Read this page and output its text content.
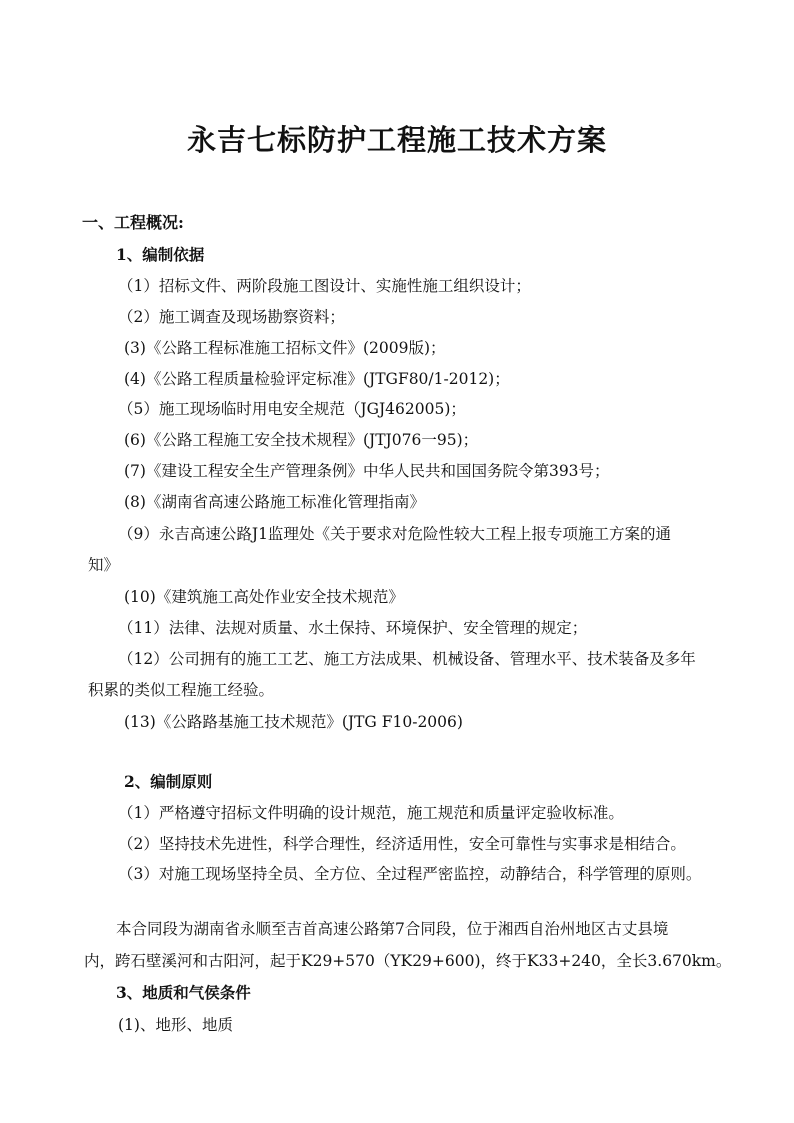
永吉七标防护工程施工技术方案
一、工程概况:
1、编制依据
（1）招标文件、两阶段施工图设计、实施性施工组织设计；
（2）施工调查及现场勘察资料；
(3)《公路工程标准施工招标文件》(2009版)；
(4)《公路工程质量检验评定标准》(JTGF80/1-2012)；
（5）施工现场临时用电安全规范（JGJ462005)；
(6)《公路工程施工安全技术规程》(JTJ076一95)；
(7)《建设工程安全生产管理条例》中华人民共和国国务院令第393号；
(8)《湖南省高速公路施工标准化管理指南》
（9）永吉高速公路J1监理处《关于要求对危险性较大工程上报专项施工方案的通
知》
(10)《建筑施工高处作业安全技术规范》
（11）法律、法规对质量、水土保持、环境保护、安全管理的规定；
（12）公司拥有的施工工艺、施工方法成果、机械设备、管理水平、技术装备及多年
积累的类似工程施工经验。
(13)《公路路基施工技术规范》(JTG F10-2006)
2、编制原则
（1）严格遵守招标文件明确的设计规范，施工规范和质量评定验收标准。
（2）坚持技术先进性，科学合理性，经济适用性，安全可靠性与实事求是相结合。
（3）对施工现场坚持全员、全方位、全过程严密监控，动静结合，科学管理的原则。
本合同段为湖南省永顺至吉首高速公路第7合同段，位于湘西自治州地区古丈县境
内，跨石壁溪河和古阳河，起于K29+570（YK29+600)，终于K33+240，全长3.670km。
3、地质和气侯条件
(1)、地形、地质
